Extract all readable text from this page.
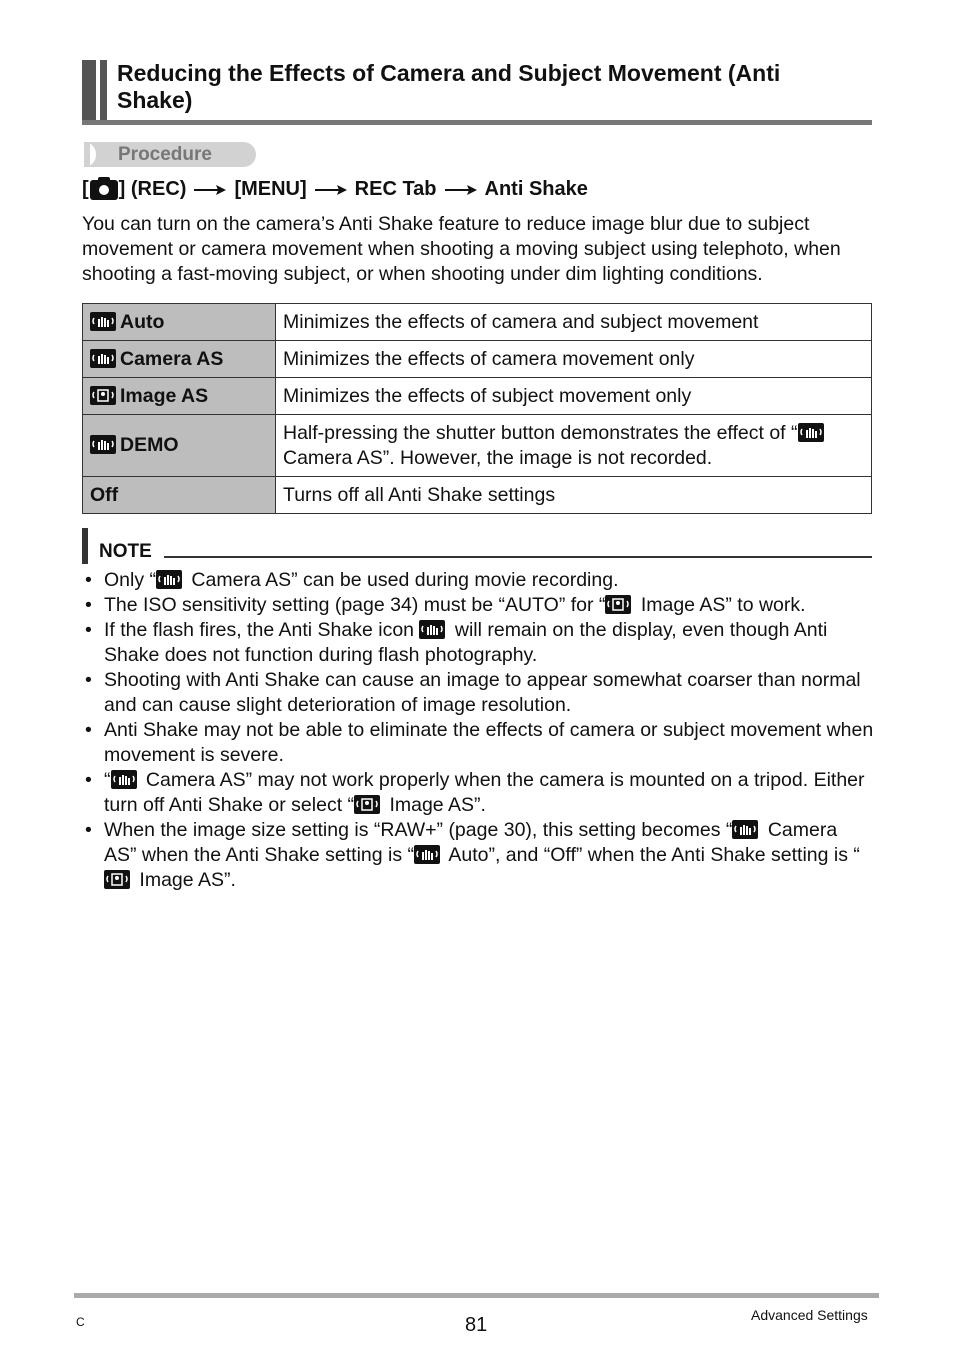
Reducing the Effects of Camera and Subject Movement (Anti Shake)
Procedure
[ ] (REC) [MENU] REC Tab Anti Shake

You can turn on the camera’s Anti Shake feature to reduce image blur due to subject movement or camera movement when shooting a moving subject using telephoto, when shooting a fast-moving subject, or when shooting under dim lighting conditions.

Auto	Minimizes the effects of camera and subject movement

Camera AS	Minimizes the effects of camera movement only

Image AS	Minimizes the effects of subject movement only

DEMO	Half-pressing the shutter button demonstrates the effect of “

Camera AS”. However, the image is not recorded.
Off	Turns off all Anti Shake settings
NOTE
• Only “
Camera AS” can be used during movie recording.
• The ISO sensitivity setting (page 34) must be “AUTO” for “
Image AS” to work.
• If the flash fires, the Anti Shake icon
will remain on the display, even though Anti Shake does not function during flash photography.
• Shooting with Anti Shake can cause an image to appear somewhat coarser than normal and can cause slight deterioration of image resolution.
• Anti Shake may not be able to eliminate the effects of camera or subject movement when movement is severe.
• “
Camera AS” may not work properly when the camera is mounted on a tripod. Either turn off Anti Shake or select “
Image AS”.
• When the image size setting is “RAW+” (page 30), this setting becomes “
Camera AS” when the Anti Shake setting is “
Auto”, and “Off” when the Anti Shake setting is “
Image AS”.
C	81	Advanced Settings
